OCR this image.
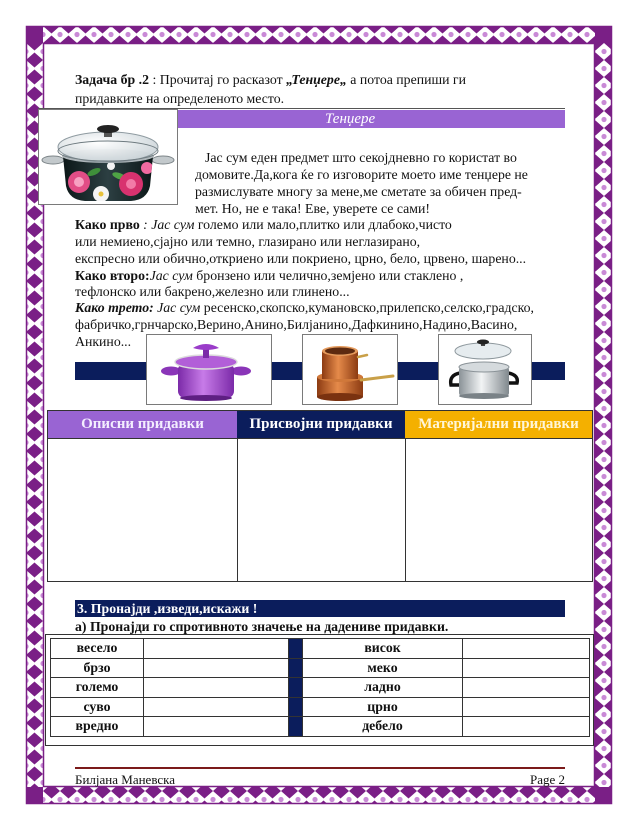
Задача бр .2 : Прочитај го расказот „Тенџере„ а потоа препиши ги
придавките на определеното место.
Тенџере
Јас сум еден предмет што секојдневно го користат во
домовите.Да,кога ќе го изговорите моето име тенџере не
размислувате многу за мене,ме сметате за обичен пред-
мет. Но, не е така! Еве, уверете се сами!
Како прво : Јас сум големо или мало,плитко или длабоко,чисто
или немиено,сјајно или темно, глазирано или неглазирано,
експресно или обично,откриено или покриено, црно, бело, црвено, шарено...
Како второ:Јас сум бронзено или челично,земјено или стаклено ,
тефлонско или бакрено,железно или глинено...
Како трето: Јас сум ресенско,скопско,кумановско,прилепско,селско,градско,
фабричко,грнчарско,Верино,Анино,Билјанино,Дафкинино,Надино,Васино,
Анкино...
Описни придавки	Присвојни придавки	Материјални придавки
3. Пронајди ,изведи,искажи !
а) Пронајди го спротивното значење на дадениве придавки.
весело	висок
брзо	меко
големо	ладно
суво	црно
вредно	дебело
Билјана Маневска	Page 2
